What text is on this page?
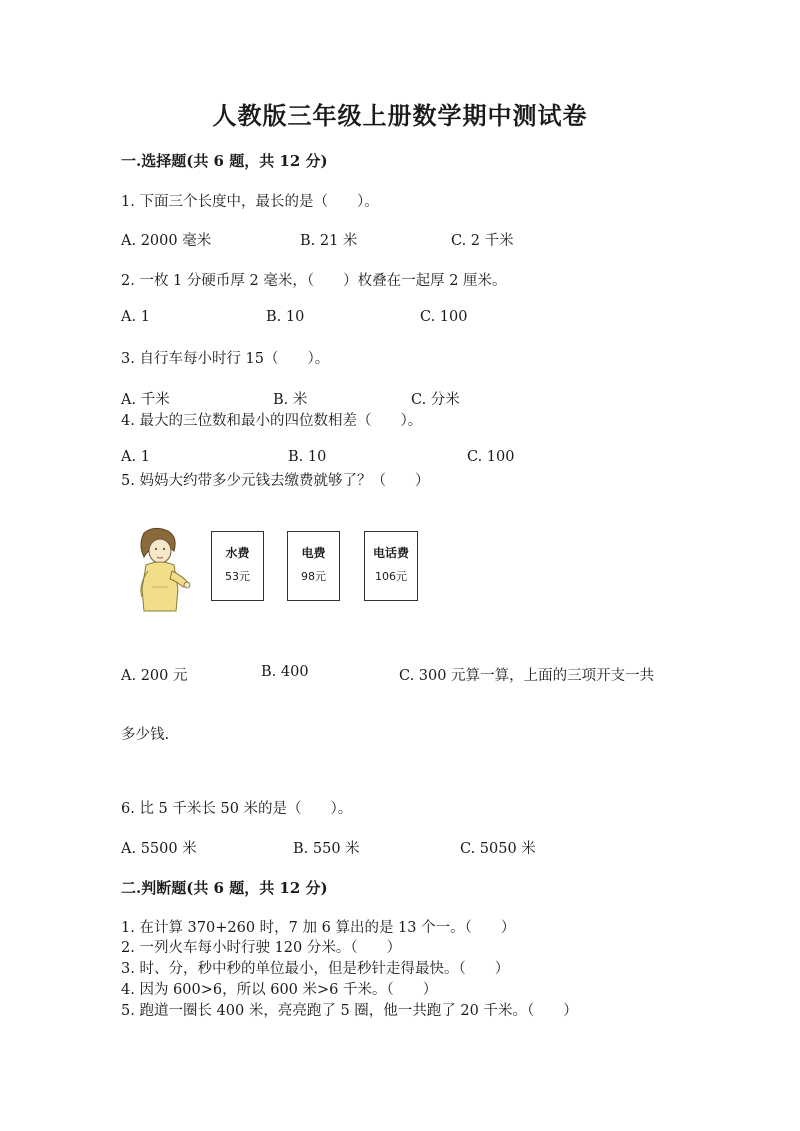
人教版三年级上册数学期中测试卷
一.选择题(共 6 题，共 12 分)
1. 下面三个长度中，最长的是（　　）。
A. 2000 毫米	B. 21 米	C. 2 千米
2. 一枚 1 分硬币厚 2 毫米，（　　）枚叠在一起厚 2 厘米。
A. 1	B. 10	C. 100
3. 自行车每小时行 15（　　）。
A. 千米	B. 米	C. 分米
4. 最大的三位数和最小的四位数相差（　　）。
A. 1	B. 10	C. 100
5. 妈妈大约带多少元钱去缴费就够了？（　　）
水费
53元
电费
98元
电话费
106元
A. 200 元	B. 400	C. 300 元算一算，上面的三项开支一共
多少钱.
6. 比 5 千米长 50 米的是（　　）。
A. 5500 米	B. 550 米	C. 5050 米
二.判断题(共 6 题，共 12 分)
1. 在计算 370+260 时，7 加 6 算出的是 13 个一。（　　）
2. 一列火车每小时行驶 120 分米。（　　）
3. 时、分，秒中秒的单位最小，但是秒针走得最快。（　　）
4. 因为 600>6，所以 600 米>6 千米。（　　）
5. 跑道一圈长 400 米，亮亮跑了 5 圈，他一共跑了 20 千米。（　　）
